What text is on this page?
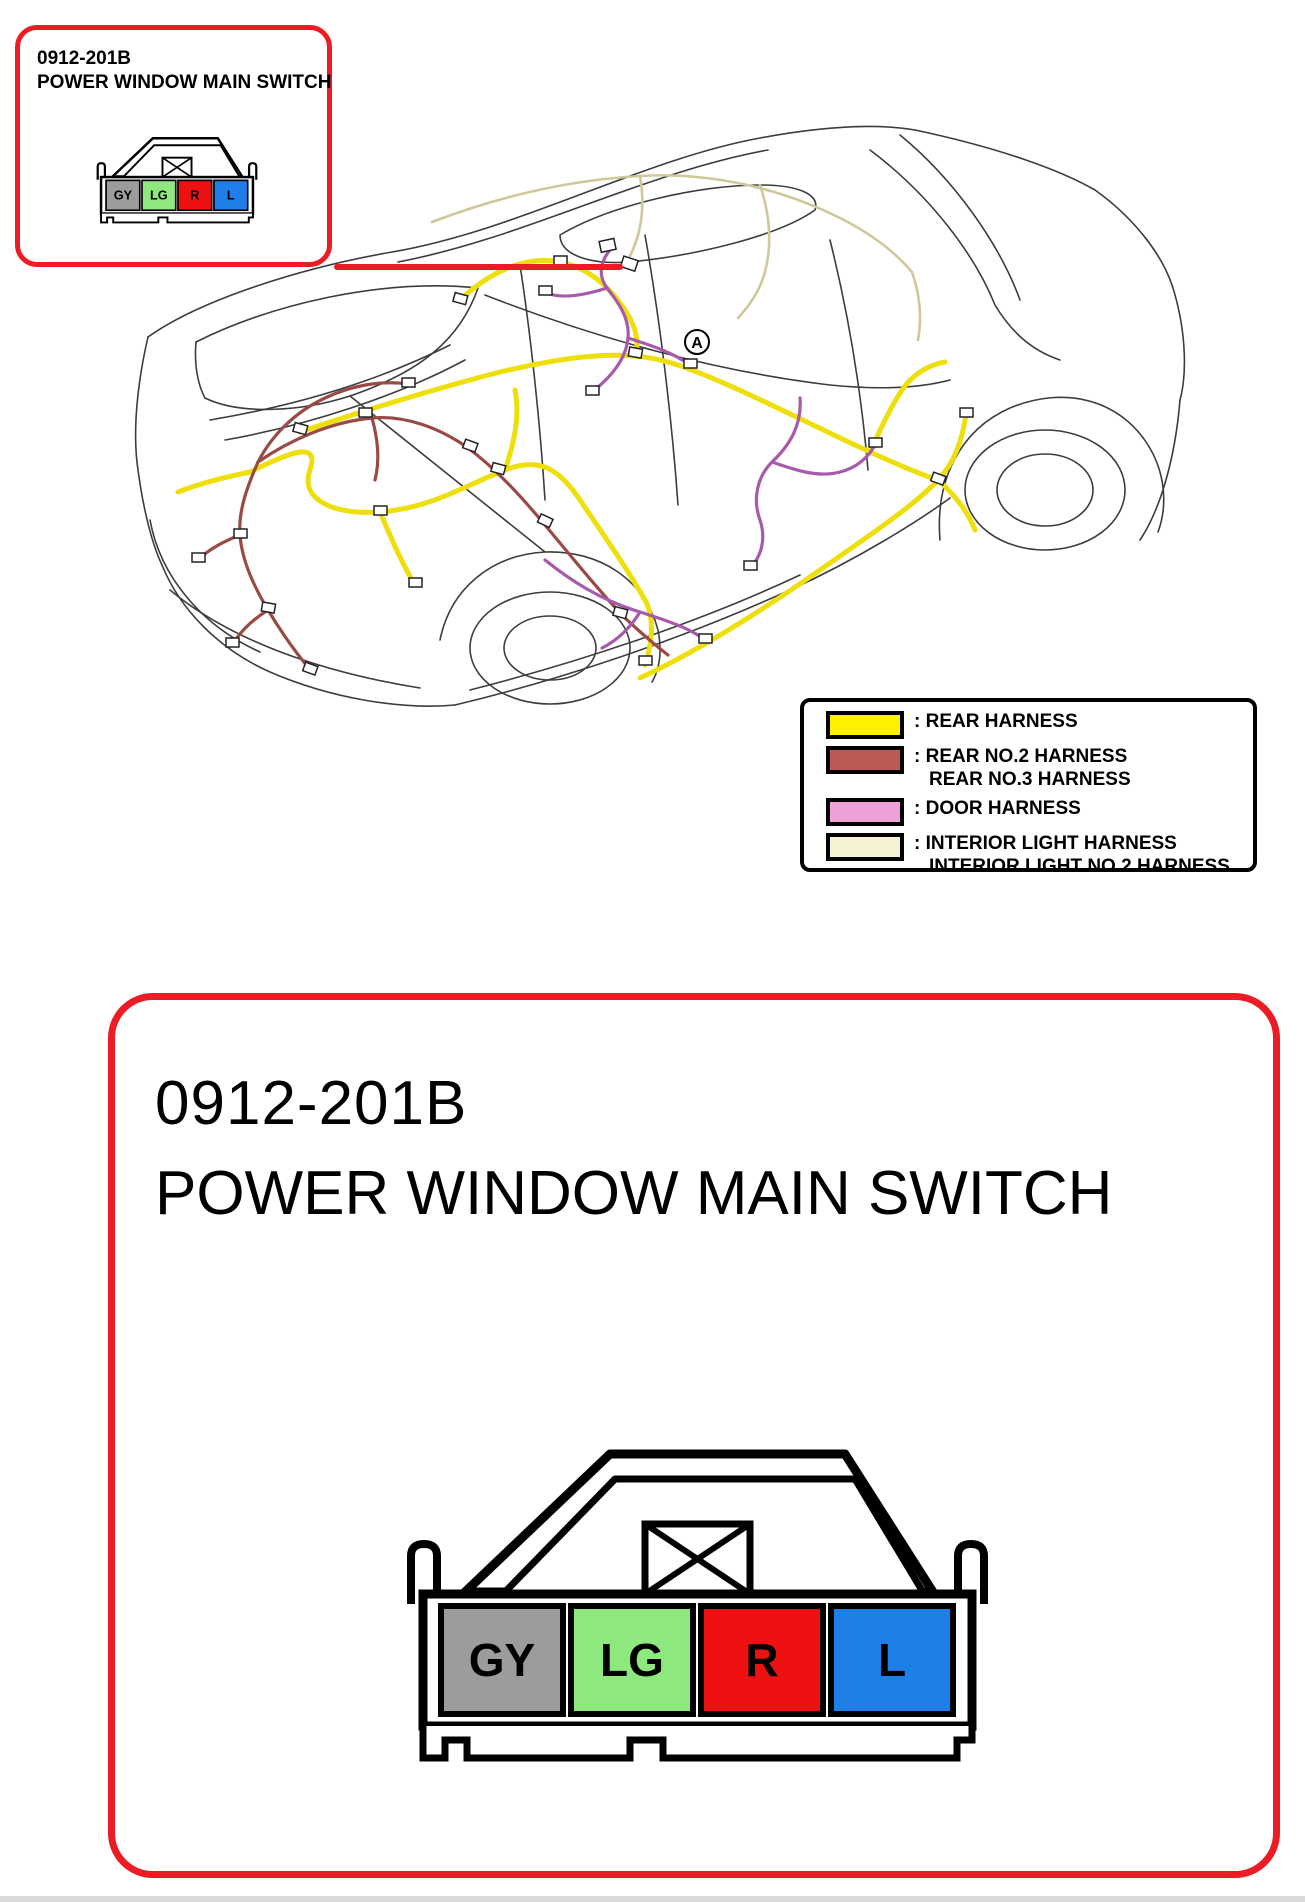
A
0912-201B
POWER WINDOW MAIN SWITCH
GY LG R L
: REAR HARNESS
: REAR NO.2 HARNESS
REAR NO.3 HARNESS
: DOOR HARNESS
: INTERIOR LIGHT HARNESS
INTERIOR LIGHT NO.2 HARNESS
0912-201B
POWER WINDOW MAIN SWITCH
GY LG R L
